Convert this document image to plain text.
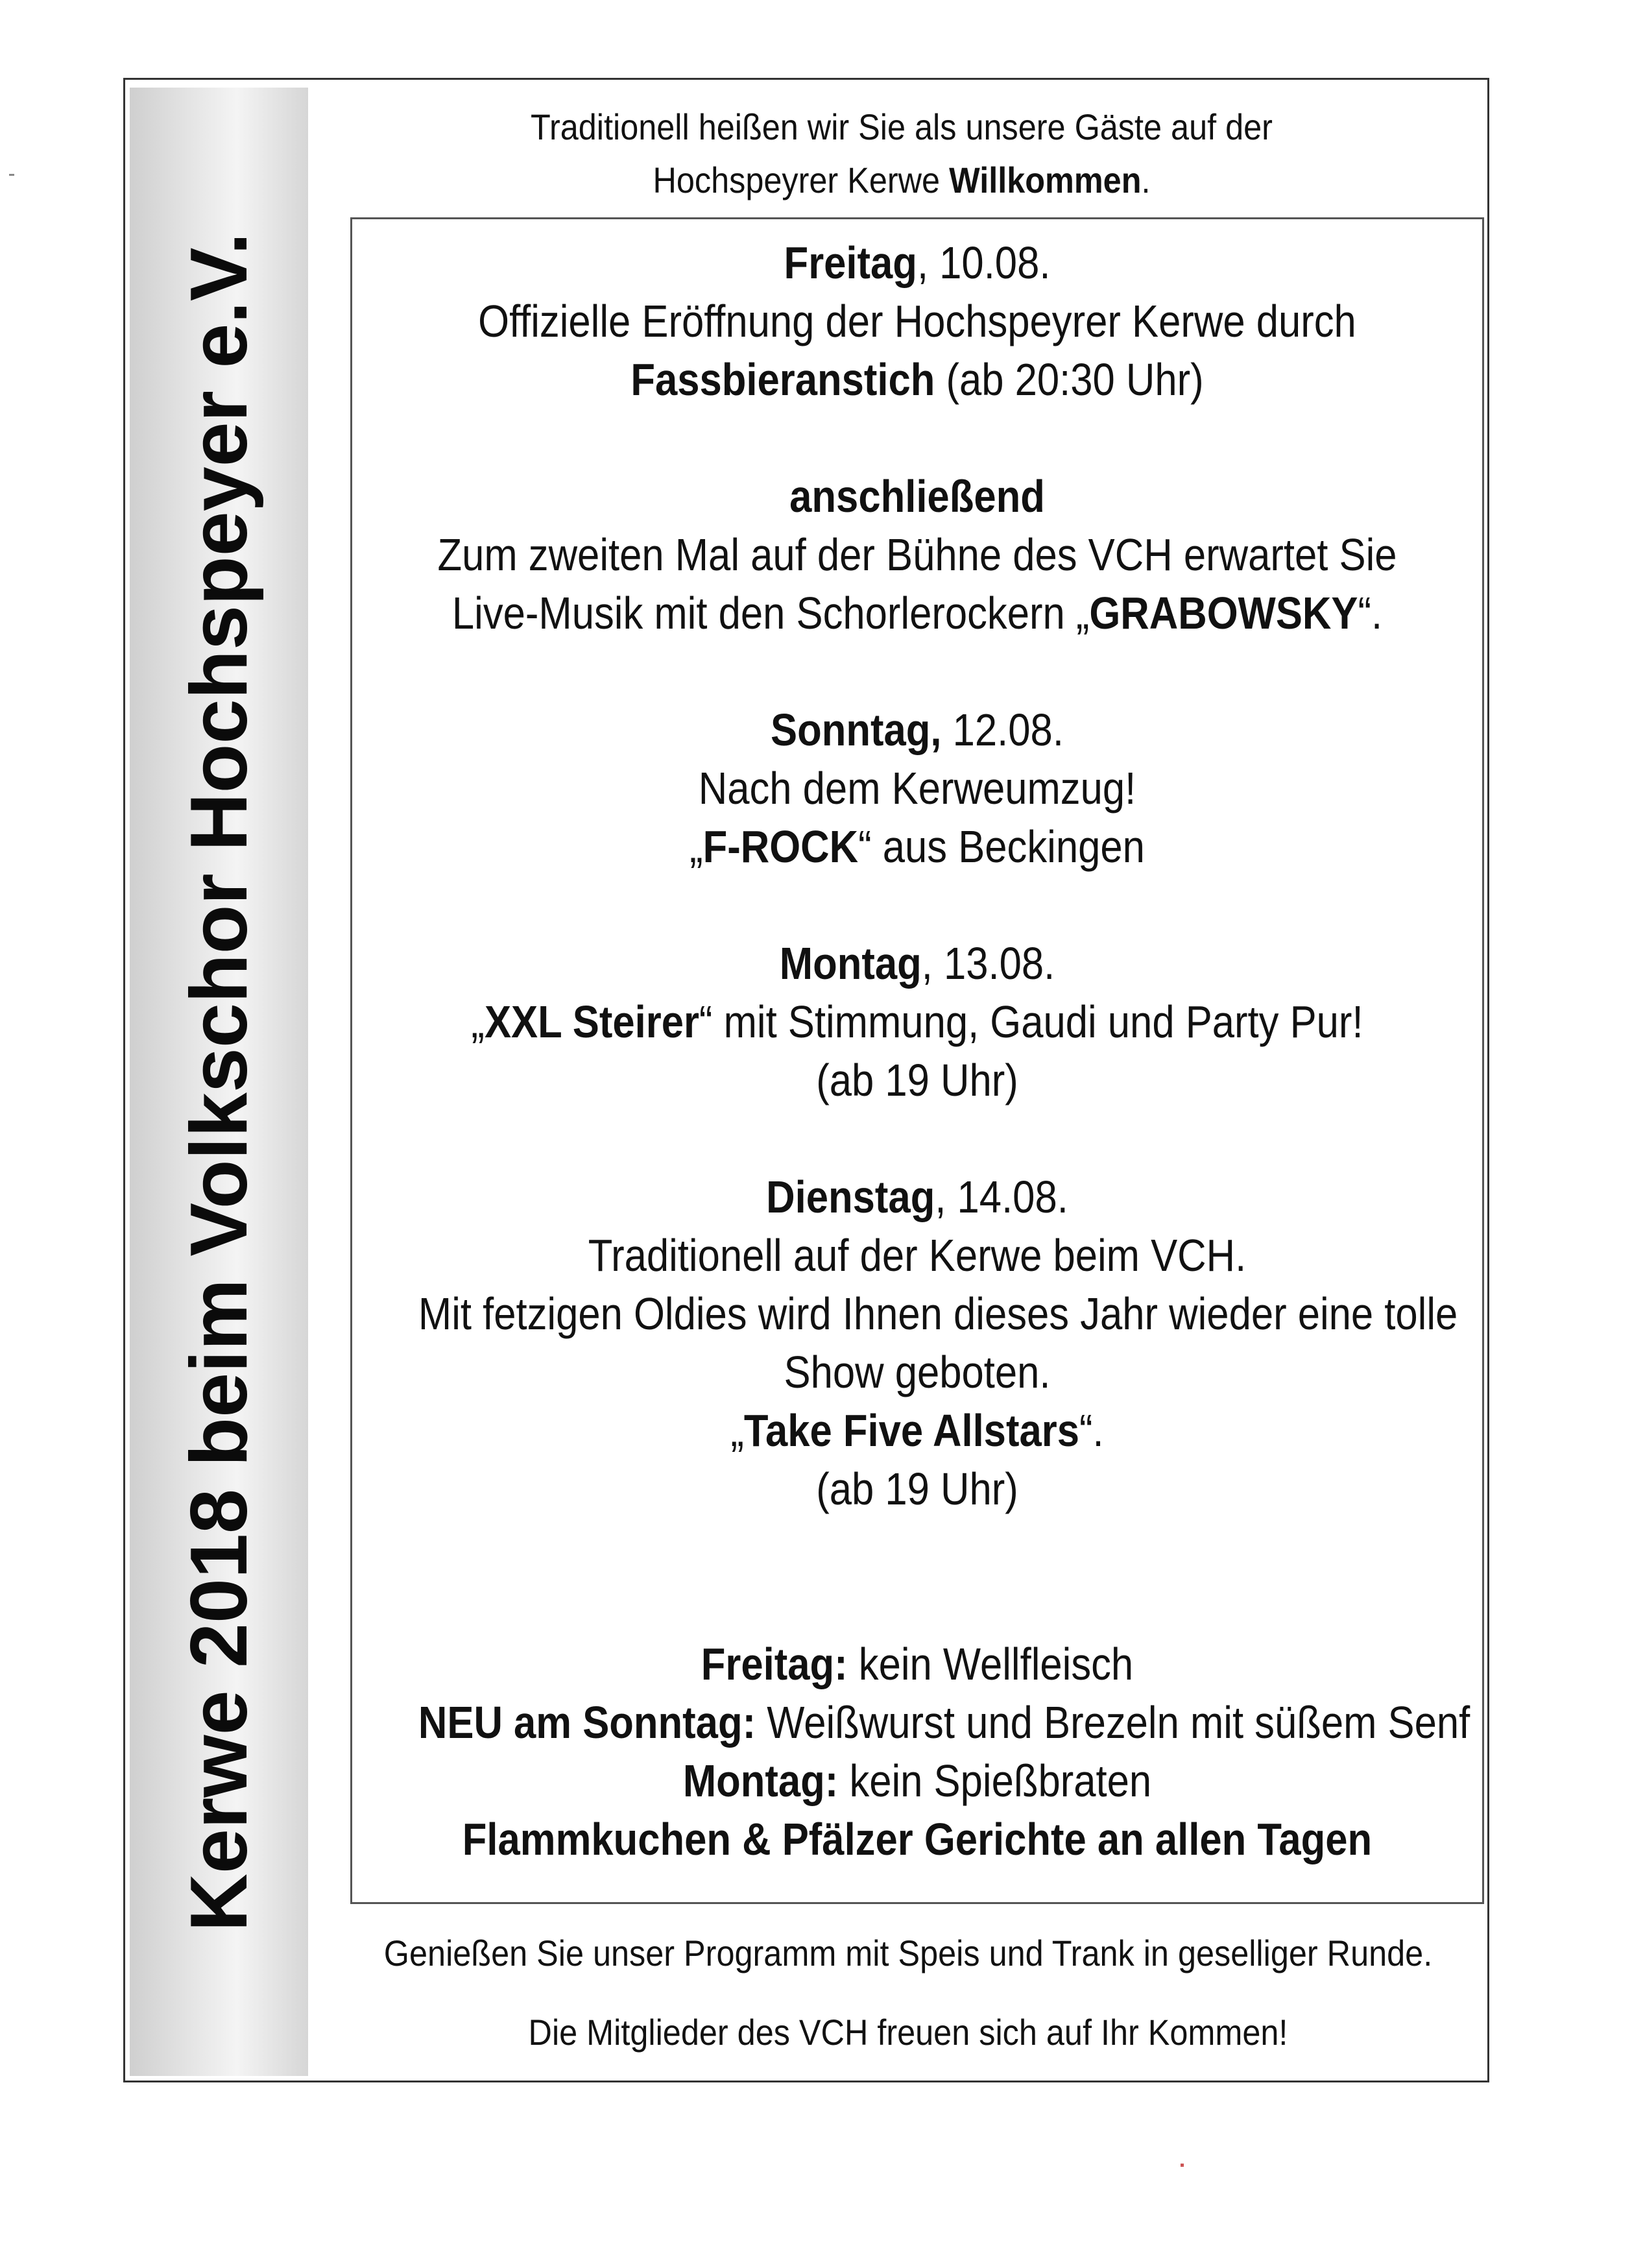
Kerwe 2018 beim Volkschor Hochspeyer e.V.
Traditionell heißen wir Sie als unsere Gäste auf der
Hochspeyrer Kerwe Willkommen.
Freitag, 10.08.
Offizielle Eröffnung der Hochspeyrer Kerwe durch
Fassbieranstich (ab 20:30 Uhr)
anschließend
Zum zweiten Mal auf der Bühne des VCH erwartet Sie
Live-Musik mit den Schorlerockern „GRABOWSKY“.
Sonntag, 12.08.
Nach dem Kerweumzug!
„F-ROCK“ aus Beckingen
Montag, 13.08.
„XXL Steirer“ mit Stimmung, Gaudi und Party Pur!
(ab 19 Uhr)
Dienstag, 14.08.
Traditionell auf der Kerwe beim VCH.
Mit fetzigen Oldies wird Ihnen dieses Jahr wieder eine tolle
Show geboten.
„Take Five Allstars“.
(ab 19 Uhr)
Freitag: kein Wellfleisch
NEU am Sonntag: Weißwurst und Brezeln mit süßem Senf
Montag: kein Spießbraten
Flammkuchen & Pfälzer Gerichte an allen Tagen
Genießen Sie unser Programm mit Speis und Trank in geselliger Runde.
Die Mitglieder des VCH freuen sich auf Ihr Kommen!
